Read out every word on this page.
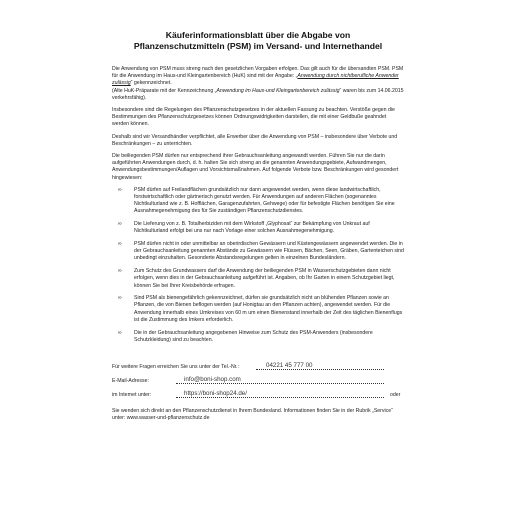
Käuferinformationsblatt über die Abgabe von
Pflanzenschutzmitteln (PSM) im Versand- und Internethandel

Die Anwendung von PSM muss streng nach den gesetzlichen Vorgaben erfolgen. Das gilt auch für die übersandten PSM. PSM für die Anwendung im Haus-und Kleingartenbereich (HuK) sind mit der Angabe: „Anwendung durch nichtberufliche Anwender zulässig“ gekennzeichnet.
(Alte HuK-Präparate mit der Kennzeichnung „Anwendung im Haus-und Kleingartenbereich zulässig“ waren bis zum 14.06.2015 verkehrsfähig).

Insbesondere sind die Regelungen des Pflanzenschutzgesetzes in der aktuellen Fassung zu beachten. Verstöße gegen die Bestimmungen des Pflanzenschutzgesetzes können Ordnungswidrigkeiten darstellen, die mit einer Geldbuße geahndet werden können.

Deshalb sind wir Versandhändler verpflichtet, alle Erwerber über die Anwendung von PSM – insbesondere über Verbote und Beschränkungen – zu unterrichten.

Die beiliegenden PSM dürfen nur entsprechend ihrer Gebrauchsanleitung angewandt werden. Führen Sie nur die darin aufgeführten Anwendungen durch, d. h. halten Sie sich streng an die genannten Anwendungsgebiete, Aufwandmengen, Anwendungsbestimmungen/Auflagen und Vorsichtsmaßnahmen. Auf folgende Verbote bzw. Beschränkungen wird gesondert hingewiesen:

∞ PSM dürfen auf Freilandflächen grundsätzlich nur dann angewendet werden, wenn diese landwirtschaftlich, forstwirtschaftlich oder gärtnerisch genutzt werden. Für Anwendungen auf anderen Flächen (sogenanntes Nichtkulturland wie z. B. Hofflächen, Garagenzufahrten, Gehwege) oder für befestigte Flächen benötigen Sie eine Ausnahmegenehmigung des für Sie zuständigen Pflanzenschutzdienstes.
∞ Die Lieferung von z. B. Totalherbiziden mit dem Wirkstoff „Glyphosat“ zur Bekämpfung von Unkraut auf Nichtkulturland erfolgt bei uns nur nach Vorlage einer solchen Ausnahmegenehmigung.
∞ PSM dürfen nicht in oder unmittelbar an oberirdischen Gewässern und Küstengewässern angewendet werden. Die in der Gebrauchsanleitung genannten Abstände zu Gewässern wie Flüssen, Bächen, Seen, Gräben, Gartenteichen sind unbedingt einzuhalten. Gesonderte Abstandsregelungen gelten in einzelnen Bundesländern.
∞ Zum Schutz des Grundwassers darf die Anwendung der beiliegenden PSM in Wasserschutzgebieten dann nicht erfolgen, wenn dies in der Gebrauchsanleitung aufgeführt ist. Angaben, ob Ihr Garten in einem Schutzgebiet liegt, können Sie bei Ihrer Kreisbehörde erfragen.
∞ Sind PSM als bienengefährlich gekennzeichnet, dürfen sie grundsätzlich nicht an blühenden Pflanzen sowie an Pflanzen, die von Bienen beflogen werden (auf Honigtau an den Pflanzen achten), angewendet werden. Für die Anwendung innerhalb eines Umkreises von 60 m um einen Bienenstand innerhalb der Zeit des täglichen Bienenflugs ist die Zustimmung des Imkers erforderlich.
∞ Die in der Gebrauchsanleitung angegebenen Hinweise zum Schutz des PSM-Anwenders (insbesondere Schutzkleidung) sind zu beachten.
Für weitere Fragen erreichen Sie uns unter der Tel.-Nr.:	04221 45 777 00
E-Mail-Adresse:	info@boni-shop.com
im Internet unter:	https://boni-shop24.de/	oder

Sie wenden sich direkt an den Pflanzenschutzdienst in Ihrem Bundesland. Informationen finden Sie in der Rubrik „Service“ unter: www.wasser-und-pflanzenschutz.de
